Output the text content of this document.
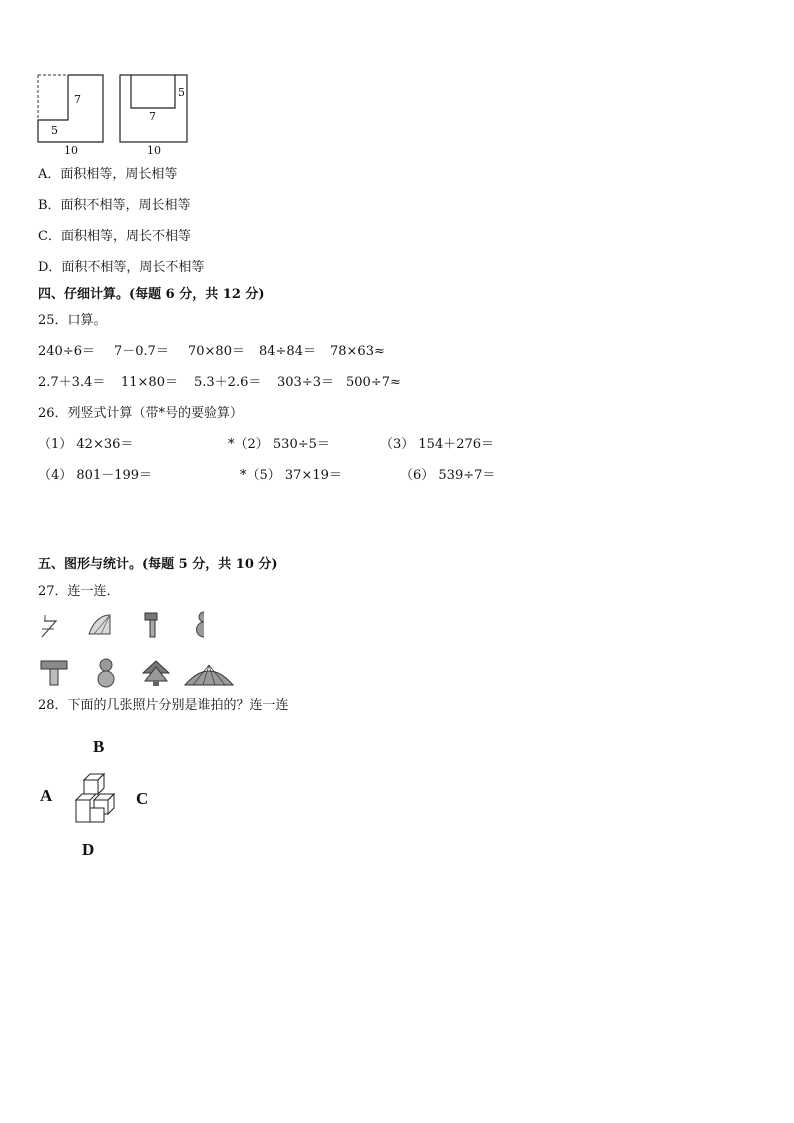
7
5
10
5
7
10
A．面积相等，周长相等
B．面积不相等，周长相等
C．面积相等，周长不相等
D．面积不相等，周长不相等
四、仔细计算。(每题 6 分，共 12 分)
25．口算。
240÷6＝ 7－0.7＝ 70×80＝ 84÷84＝ 78×63≈
2.7＋3.4＝ 11×80＝ 5.3＋2.6＝ 303÷3＝ 500÷7≈
26．列竖式计算（带*号的要验算）
（1） 42×36＝	*（2） 530÷5＝	（3） 154＋276＝
（4） 801－199＝	*（5） 37×19＝	（6） 539÷7＝
五、图形与统计。(每题 5 分，共 10 分)
27．连一连．
28．下面的几张照片分别是谁拍的？连一连
B
A	C
D
